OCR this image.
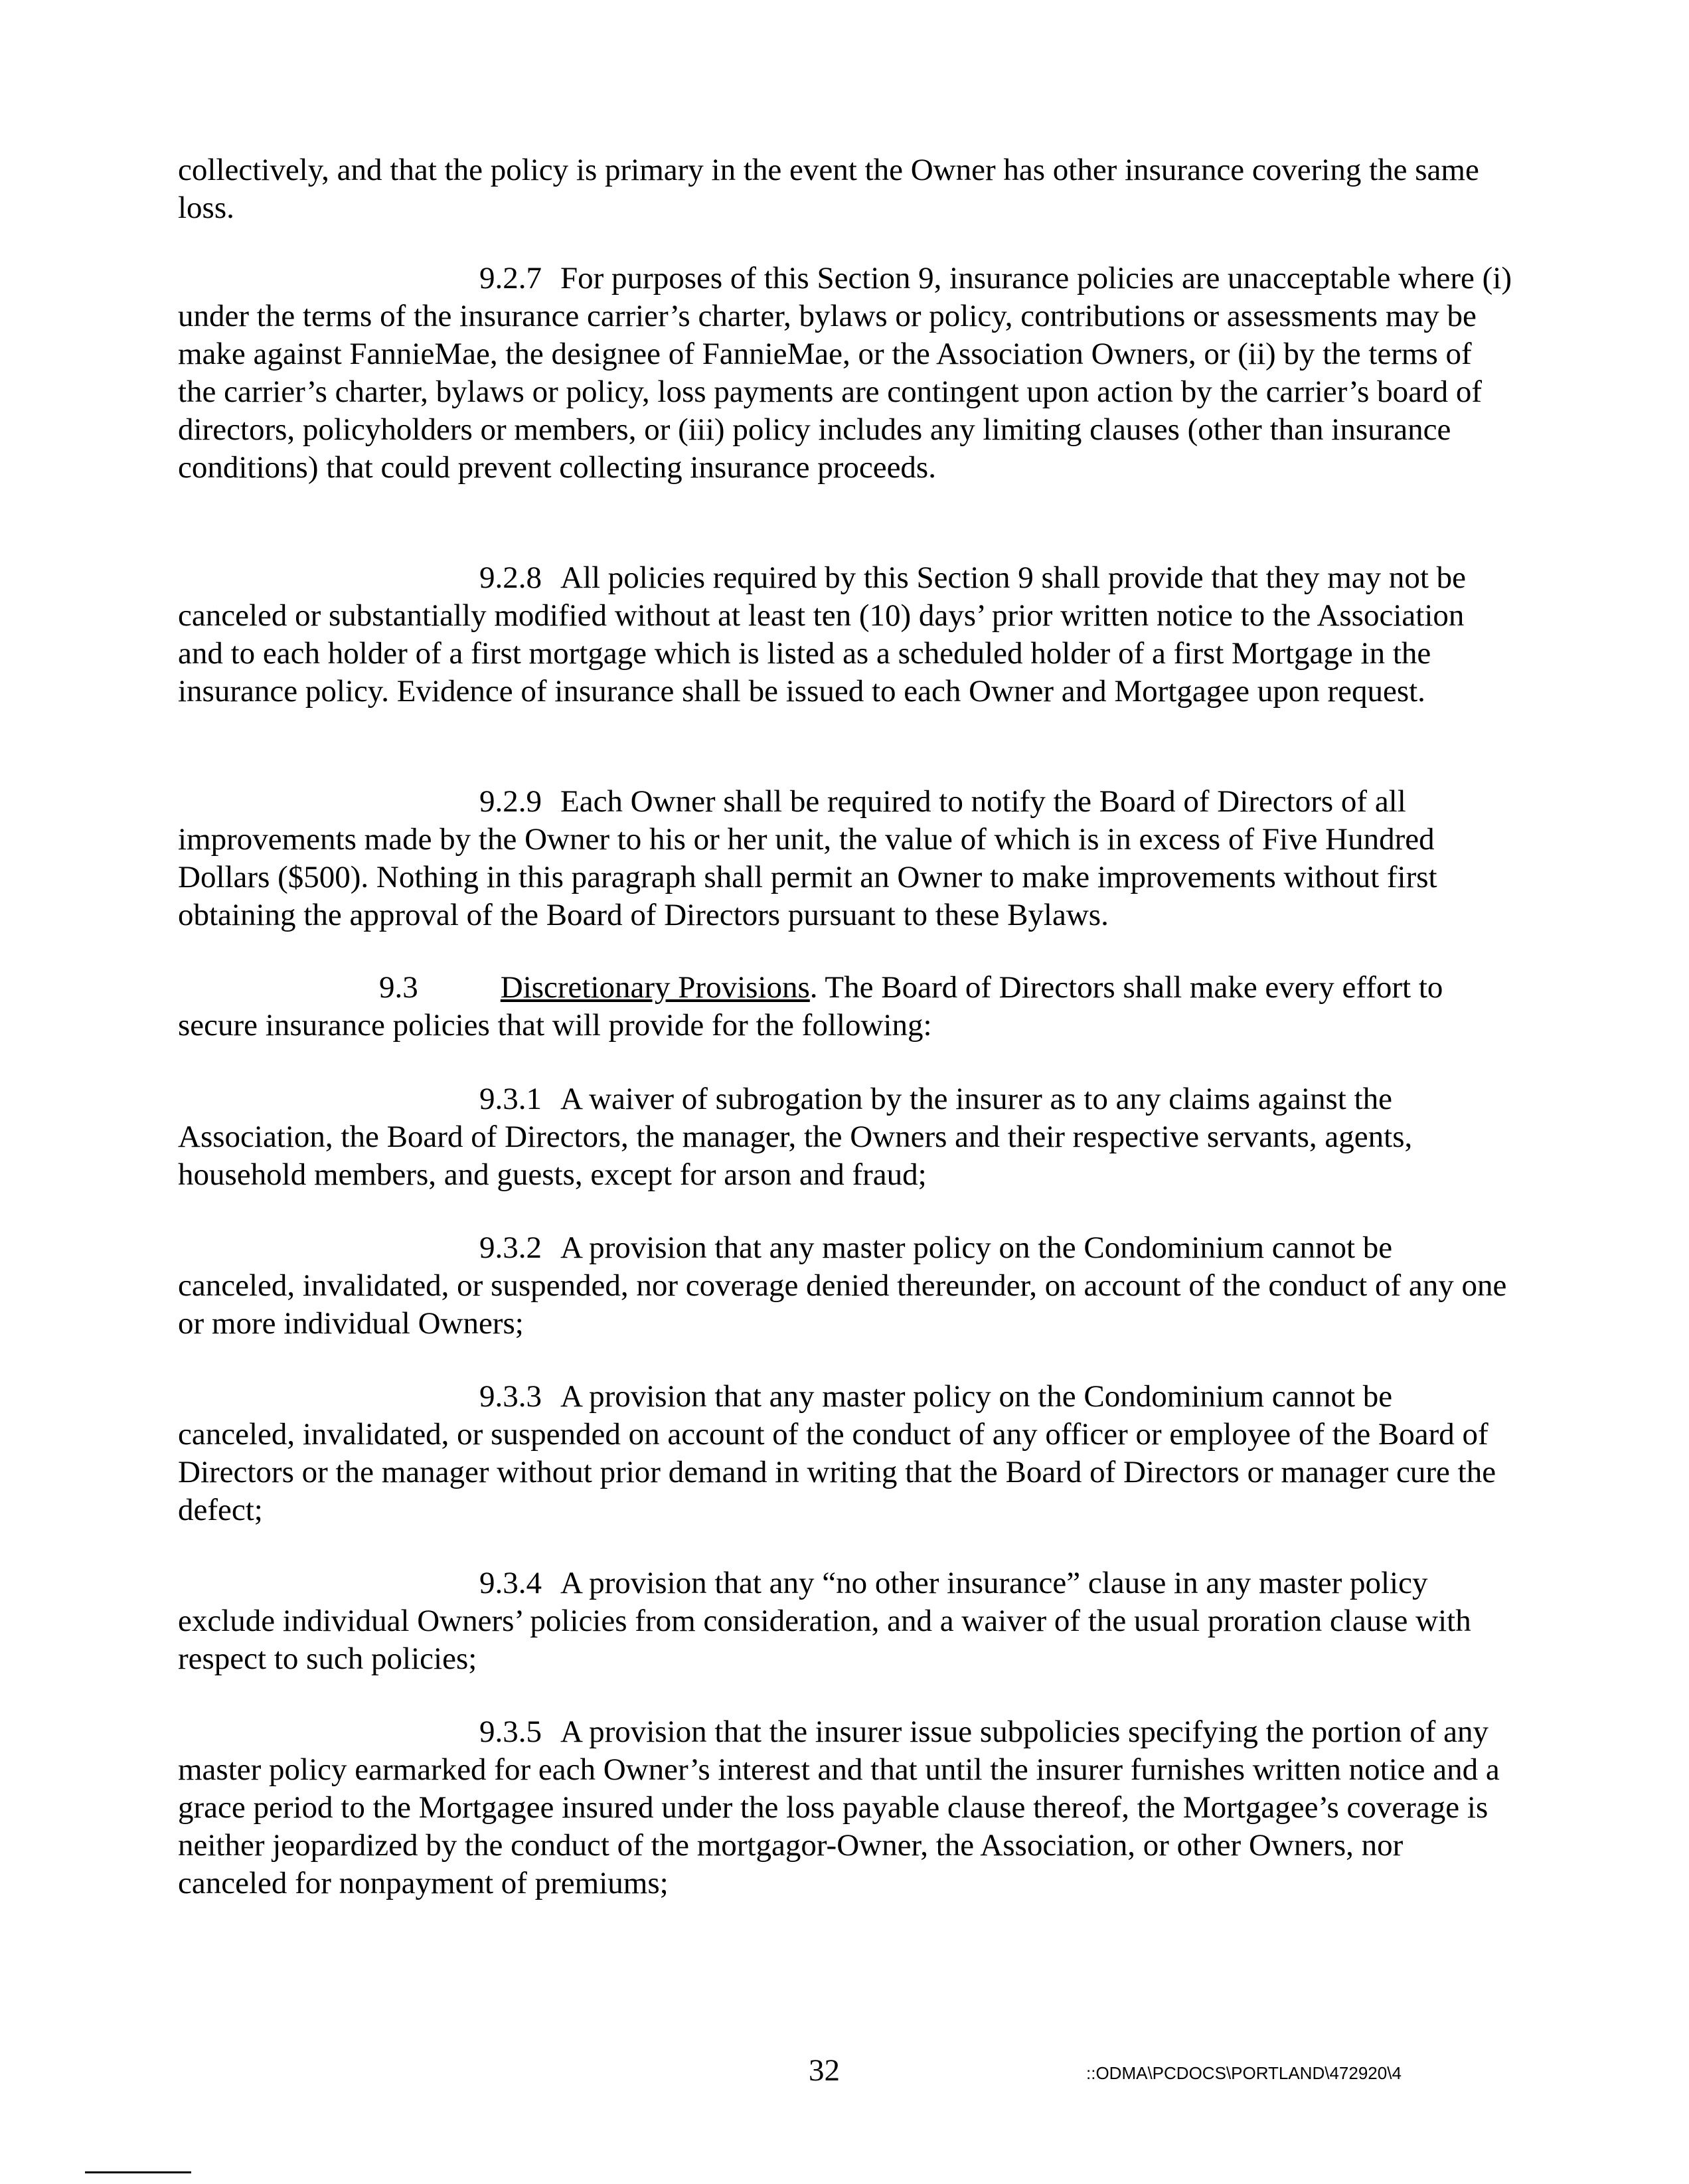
collectively, and that the policy is primary in the event the Owner has other insurance covering the same loss.

9.2.7 For purposes of this Section 9, insurance policies are unacceptable where (i) under the terms of the insurance carrier’s charter, bylaws or policy, contributions or assessments may be make against FannieMae, the designee of FannieMae, or the Association Owners, or (ii) by the terms of the carrier’s charter, bylaws or policy, loss payments are contingent upon action by the carrier’s board of directors, policyholders or members, or (iii) policy includes any limiting clauses (other than insurance conditions) that could prevent collecting insurance proceeds.

9.2.8 All policies required by this Section 9 shall provide that they may not be canceled or substantially modified without at least ten (10) days’ prior written notice to the Association and to each holder of a first mortgage which is listed as a scheduled holder of a first Mortgage in the insurance policy. Evidence of insurance shall be issued to each Owner and Mortgagee upon request.

9.2.9 Each Owner shall be required to notify the Board of Directors of all improvements made by the Owner to his or her unit, the value of which is in excess of Five Hundred Dollars ($500). Nothing in this paragraph shall permit an Owner to make improvements without first obtaining the approval of the Board of Directors pursuant to these Bylaws.

9.3	Discretionary Provisions. The Board of Directors shall make every effort to secure insurance policies that will provide for the following:

9.3.1 A waiver of subrogation by the insurer as to any claims against the Association, the Board of Directors, the manager, the Owners and their respective servants, agents, household members, and guests, except for arson and fraud;

9.3.2 A provision that any master policy on the Condominium cannot be canceled, invalidated, or suspended, nor coverage denied thereunder, on account of the conduct of any one or more individual Owners;

9.3.3 A provision that any master policy on the Condominium cannot be canceled, invalidated, or suspended on account of the conduct of any officer or employee of the Board of Directors or the manager without prior demand in writing that the Board of Directors or manager cure the defect;

9.3.4 A provision that any “no other insurance” clause in any master policy exclude individual Owners’ policies from consideration, and a waiver of the usual proration clause with respect to such policies;

9.3.5 A provision that the insurer issue subpolicies specifying the portion of any master policy earmarked for each Owner’s interest and that until the insurer furnishes written notice and a grace period to the Mortgagee insured under the loss payable clause thereof, the Mortgagee’s coverage is neither jeopardized by the conduct of the mortgagor-Owner, the Association, or other Owners, nor canceled for nonpayment of premiums;

32	::ODMA\PCDOCS\PORTLAND\472920\4
